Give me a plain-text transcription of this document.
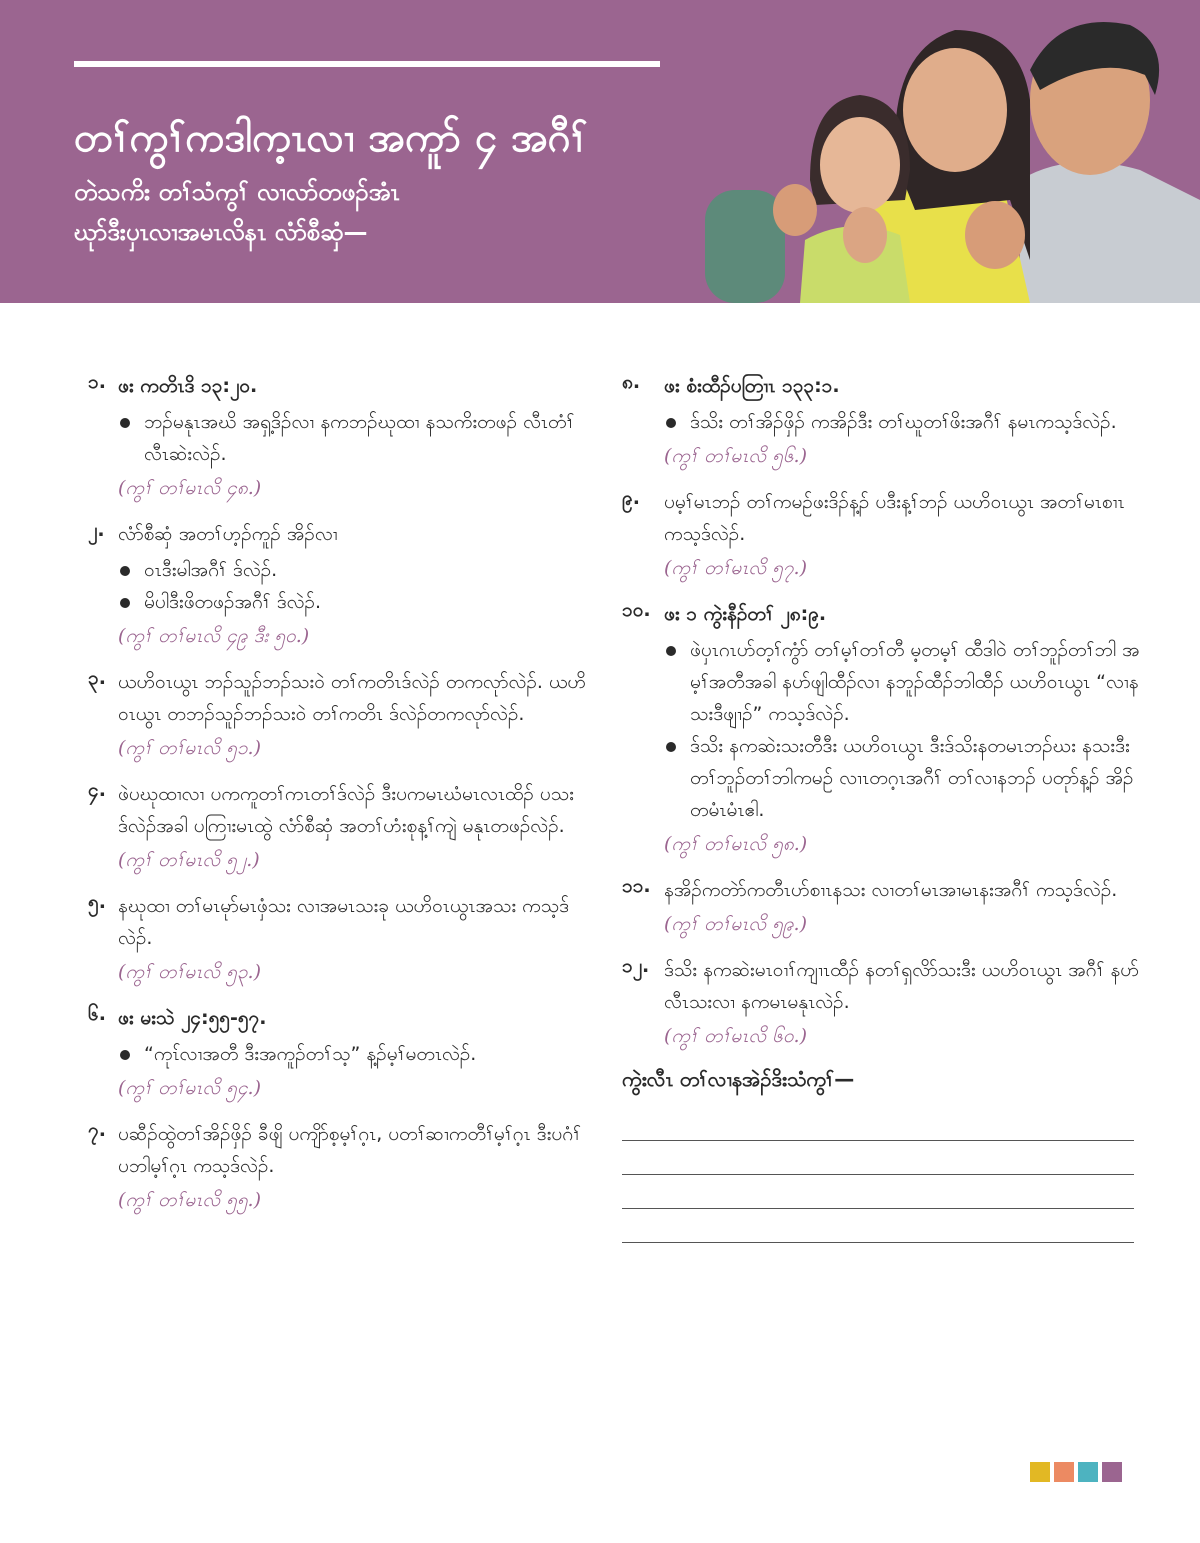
တၢ်ကွၢ်ကဒါက့ၤလၢ အကူာ် ၄ အဂီၢ်
တဲသကိး တၢ်သံကွၢ် လၢလာ်တဖၣ်အံၤ
ဃုာ်ဒီးပှၤလၢအမၤလိနၤ လံာ်စီဆှံ—
၁. ဖး ကတိၤဒိ ၁၃:၂၀.
ဘၣ်မနုၤအဃိ အရှ့ဒိၣ်လၢ နကဘၣ်ဃုထၢ နသကိးတဖၣ် လီၤတံၢ်လီၤဆဲးလဲၣ်.
(ကွၢ် တၢ်မၤလိ ၄၈.)
၂. လံာ်စီဆှံ အတၢ်ဟ့ၣ်ကူၣ် အိၣ်လၢ
ဝၤဒီးမါအဂီၢ် ဒ်လဲၣ်.
မိပါဒီးဖိတဖၣ်အဂီၢ် ဒ်လဲၣ်.
(ကွၢ် တၢ်မၤလိ ၄၉ ဒီး ၅၀.)
၃. ယဟိဝၤယွၤ ဘၣ်သူၣ်ဘၣ်သးဝဲ တၢ်ကတိၤဒ်လဲၣ် တကလုာ်လဲၣ်. ယဟိဝၤယွၤ တဘၣ်သူၣ်ဘၣ်သးဝဲ တၢ်ကတိၤ ဒ်လဲၣ်တကလုာ်လဲၣ်.
(ကွၢ် တၢ်မၤလိ ၅၁.)
၄. ဖဲပဃုထၢလၢ ပကကူတၢ်ကၤတၢ်ဒ်လဲၣ် ဒီးပကမၤဃံမၤလၤထိၣ် ပသး ဒ်လဲၣ်အခါ ပကြၢးမၤထွဲ လံာ်စီဆှံ အတၢ်ဟံးစုန့ၢ်ကျဲ မနုၤတဖၣ်လဲၣ်.
(ကွၢ် တၢ်မၤလိ ၅၂.)
၅. နဃုထၢ တၢ်မၤမုာ်မၤဖှံသး လၢအမၤသးခု ယဟိဝၤယွၤအသး ကသ့ဒ်လဲၣ်.
(ကွၢ် တၢ်မၤလိ ၅၃.)
၆. ဖး မးသဲ ၂၄:၅၅-၅၇.
“ကုၤ်လၢအတီ ဒီးအကူၣ်တၢ်သ့” န့ၣ်မ့ၢ်မတၤလဲၣ်.
(ကွၢ် တၢ်မၤလိ ၅၄.)
၇. ပဆီၣ်ထွဲတၢ်အိၣ်ဖှိၣ် ခီဖျိ ပကျိာ်စ့မ့ၢ်ဂ့ၤ, ပတၢ်ဆၢကတီၢ်မ့ၢ်ဂ့ၤ ဒီးပဂံၢ်ပဘါမ့ၢ်ဂ့ၤ ကသ့ဒ်လဲၣ်.
(ကွၢ် တၢ်မၤလိ ၅၅.)
၈. ဖး စံးထီၣ်ပတြၢၤ ၁၃၃:၁.
ဒ်သိး တၢ်အိၣ်ဖှိၣ် ကအိၣ်ဒီး တၢ်ဃူတၢ်ဖိးအဂီၢ် နမၤကသ့ဒ်လဲၣ်.
(ကွၢ် တၢ်မၤလိ ၅၆.)
၉. ပမ့ၢ်မၤဘၣ် တၢ်ကမဉ်ဖးဒိၣ်န့ၣ် ပဒီးန့ၢ်ဘၣ် ယဟိဝၤယွၤ အတၢ်မၤစၢၤ ကသ့ဒ်လဲၣ်.
(ကွၢ် တၢ်မၤလိ ၅၇.)
၁၀. ဖး ၁ ကွဲးနီၣ်တၢ် ၂၈:၉.
ဖဲပှၤဂၤပာ်တ့ၢ်ကွံာ် တၢ်မ့ၢ်တၢ်တီ မ့တမ့ၢ် ထီဒါဝဲ တၢ်ဘူၣ်တၢ်ဘါ အမ့ၢ်အတီအခါ နပာ်ဖျါထီၣ်လၢ နဘူၣ်ထီၣ်ဘါထီၣ် ယဟိဝၤယွၤ “လၢနသးဒီဖျၢၣ်” ကသ့ဒ်လဲၣ်.
ဒ်သိး နကဆဲးသးတီဒီး ယဟိဝၤယွၤ ဒီးဒ်သိးနတမၤဘၣ်ဃး နသးဒီး တၢ်ဘူၣ်တၢ်ဘါကမဉ် လၢၤတဂ့ၤအဂီၢ် တၢ်လၢနဘၣ် ပတုာ်န့ၣ် အိၣ်တမံၤမံၤဧါ.
(ကွၢ် တၢ်မၤလိ ၅၈.)
၁၁. နအိၣ်ကတဲာ်ကတီၤပာ်စၢၤနသး လၢတၢ်မၤအၢမၤနးအဂီၢ် ကသ့ဒ်လဲၣ်.
(ကွၢ် တၢ်မၤလိ ၅၉.)
၁၂. ဒ်သိး နကဆဲးမၤဝၢၢ်ကျၢၤထီၣ် နတၢ်ရှလိာ်သးဒီး ယဟိဝၤယွၤ အဂီၢ် နပာ်လီၤသးလၢ နကမၤမနုၤလဲၣ်.
(ကွၢ် တၢ်မၤလိ ၆၀.)
ကွဲးလီၤ တၢ်လၢနအဲၣ်ဒိးသံကွၢ်—
